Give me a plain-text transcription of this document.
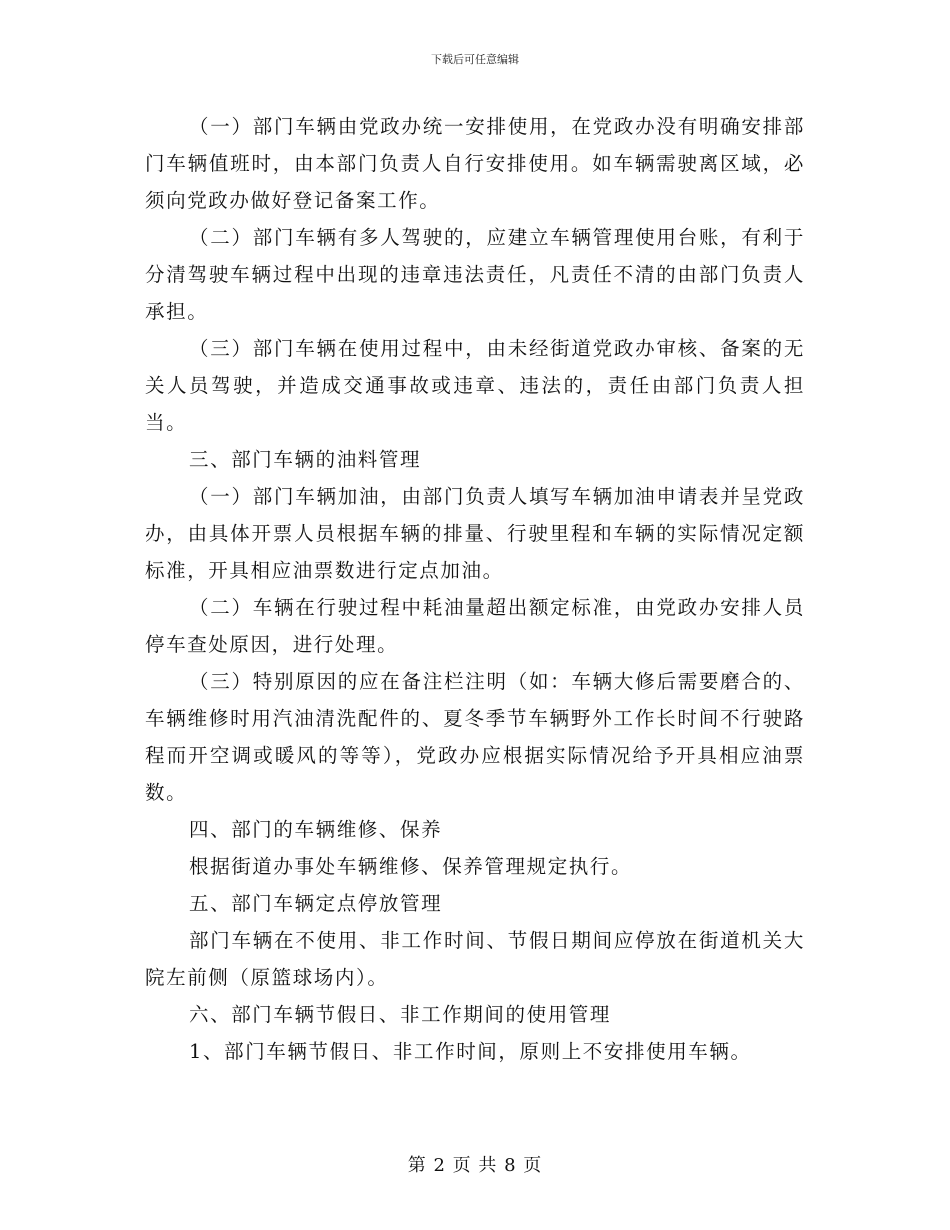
下载后可任意编辑

（一）部门车辆由党政办统一安排使用，在党政办没有明确安排部门车辆值班时，由本部门负责人自行安排使用。如车辆需驶离区域，必须向党政办做好登记备案工作。

（二）部门车辆有多人驾驶的，应建立车辆管理使用台账，有利于分清驾驶车辆过程中出现的违章违法责任，凡责任不清的由部门负责人承担。

（三）部门车辆在使用过程中，由未经街道党政办审核、备案的无关人员驾驶，并造成交通事故或违章、违法的，责任由部门负责人担当。

三、部门车辆的油料管理

（一）部门车辆加油，由部门负责人填写车辆加油申请表并呈党政办，由具体开票人员根据车辆的排量、行驶里程和车辆的实际情况定额标准，开具相应油票数进行定点加油。

（二）车辆在行驶过程中耗油量超出额定标准，由党政办安排人员停车查处原因，进行处理。

（三）特别原因的应在备注栏注明（如：车辆大修后需要磨合的、车辆维修时用汽油清洗配件的、夏冬季节车辆野外工作长时间不行驶路程而开空调或暖风的等等），党政办应根据实际情况给予开具相应油票数。

四、部门的车辆维修、保养

根据街道办事处车辆维修、保养管理规定执行。

五、部门车辆定点停放管理

部门车辆在不使用、非工作时间、节假日期间应停放在街道机关大院左前侧（原篮球场内）。

六、部门车辆节假日、非工作期间的使用管理

1、部门车辆节假日、非工作时间，原则上不安排使用车辆。

第 2 页 共 8 页
